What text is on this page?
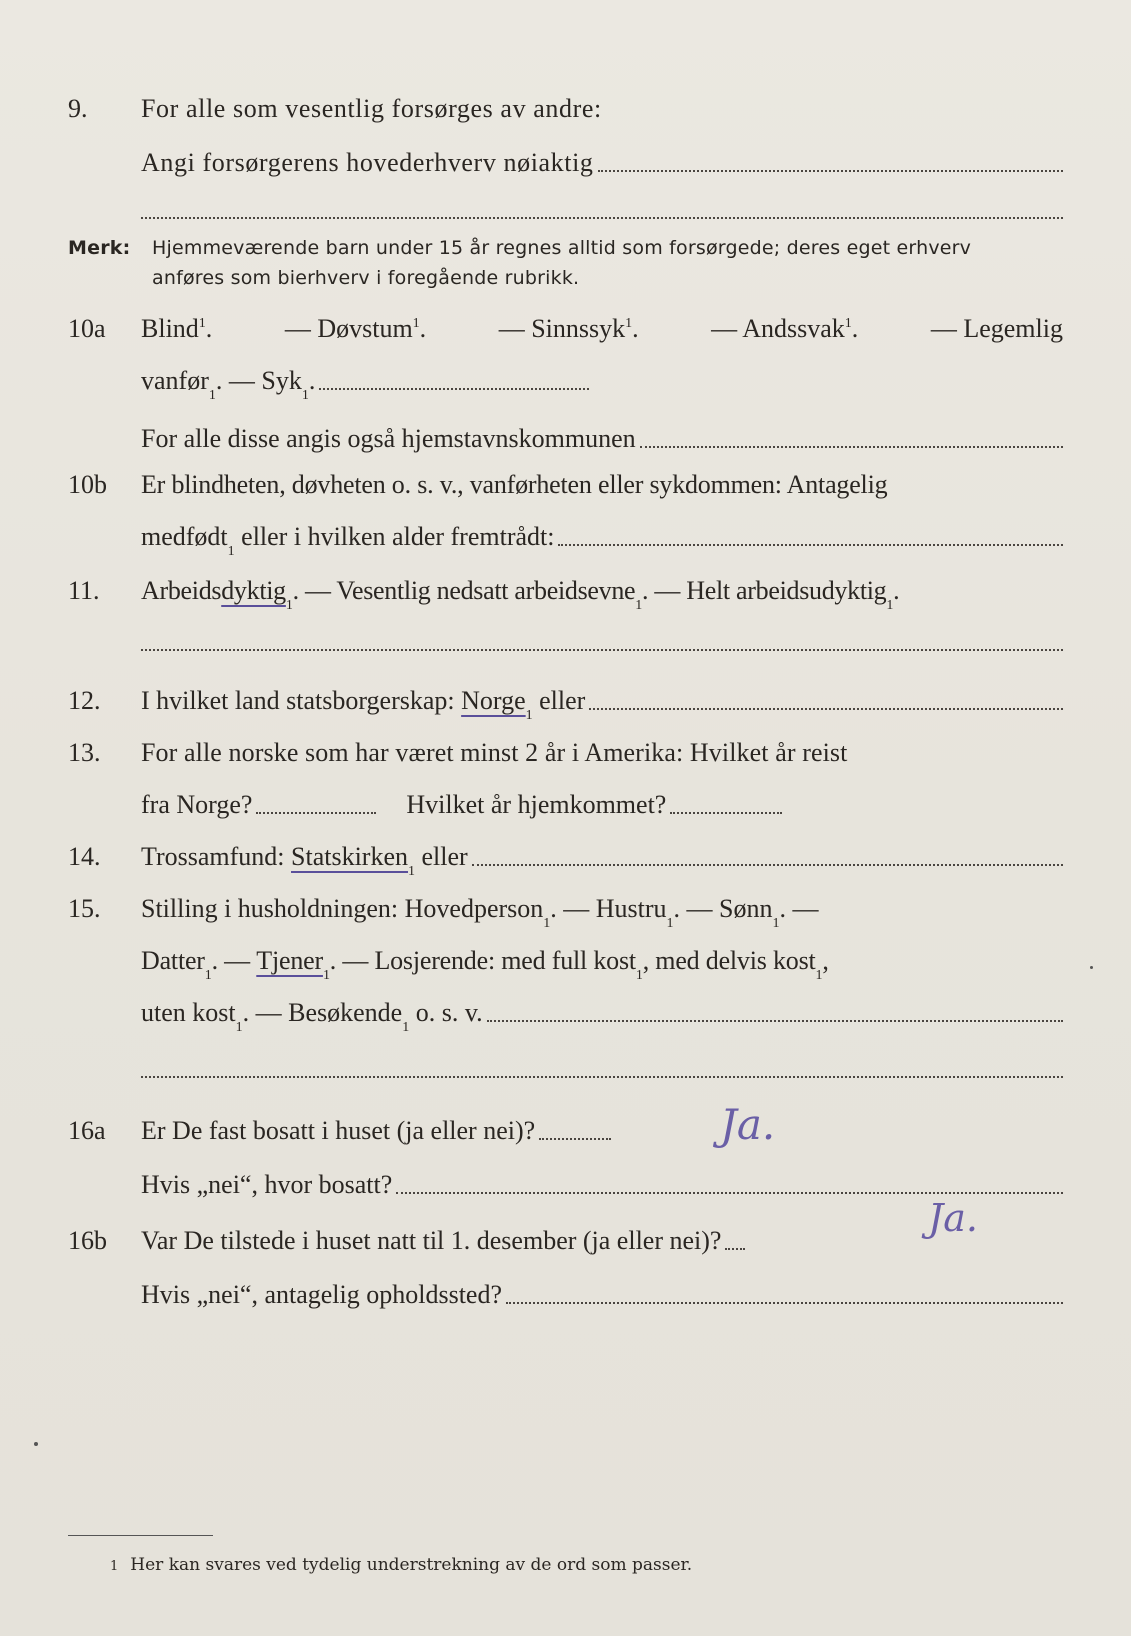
9.	For alle som vesentlig forsørges av andre:
Angi forsørgerens hovederhverv nøiaktig
Merk: Hjemmeværende barn under 15 år regnes alltid som forsørgede; deres eget erhverv
anføres som bierhverv i foregående rubrikk.
10a	Blind$^1$.	— Døvstum$^1$.	— Sinnssyk$^1$.	— Andssvak$^1$.	— Legemlig
vanfør
1
. — Syk
1
.
For alle disse angis også hjemstavnskommunen
10b	Er blindheten, døvheten o. s. v., vanførheten eller sykdommen: Antagelig
medfødt
1
eller i hvilken alder fremtrådt:
11.	Arbeidsdyktig
1
. — Vesentlig nedsatt arbeidsevne
1
. — Helt arbeidsudyktig
1
.
12.	I hvilket land statsborgerskap: Norge
1
eller
13.	For alle norske som har været minst 2 år i Amerika: Hvilket år reist
fra Norge?	Hvilket år hjemkommet?
14.	Trossamfund: Statskirken
1
eller
15.	Stilling i husholdningen: Hovedperson
1
. — Hustru
1
. — Sønn
1
. —
Datter
1
. — Tjener
1
. — Losjerende: med full kost
1
, med delvis kost
1
,
uten kost
1
. — Besøkende
1
o. s. v.
16a	Er De fast bosatt i huset (ja eller nei)?	Ja.
Hvis „nei“, hvor bosatt?
16b	Var De tilstede i huset natt til 1. desember (ja eller nei)?
Ja.
Hvis „nei“, antagelig opholdssted?
1 Her kan svares ved tydelig understrekning av de ord som passer.
